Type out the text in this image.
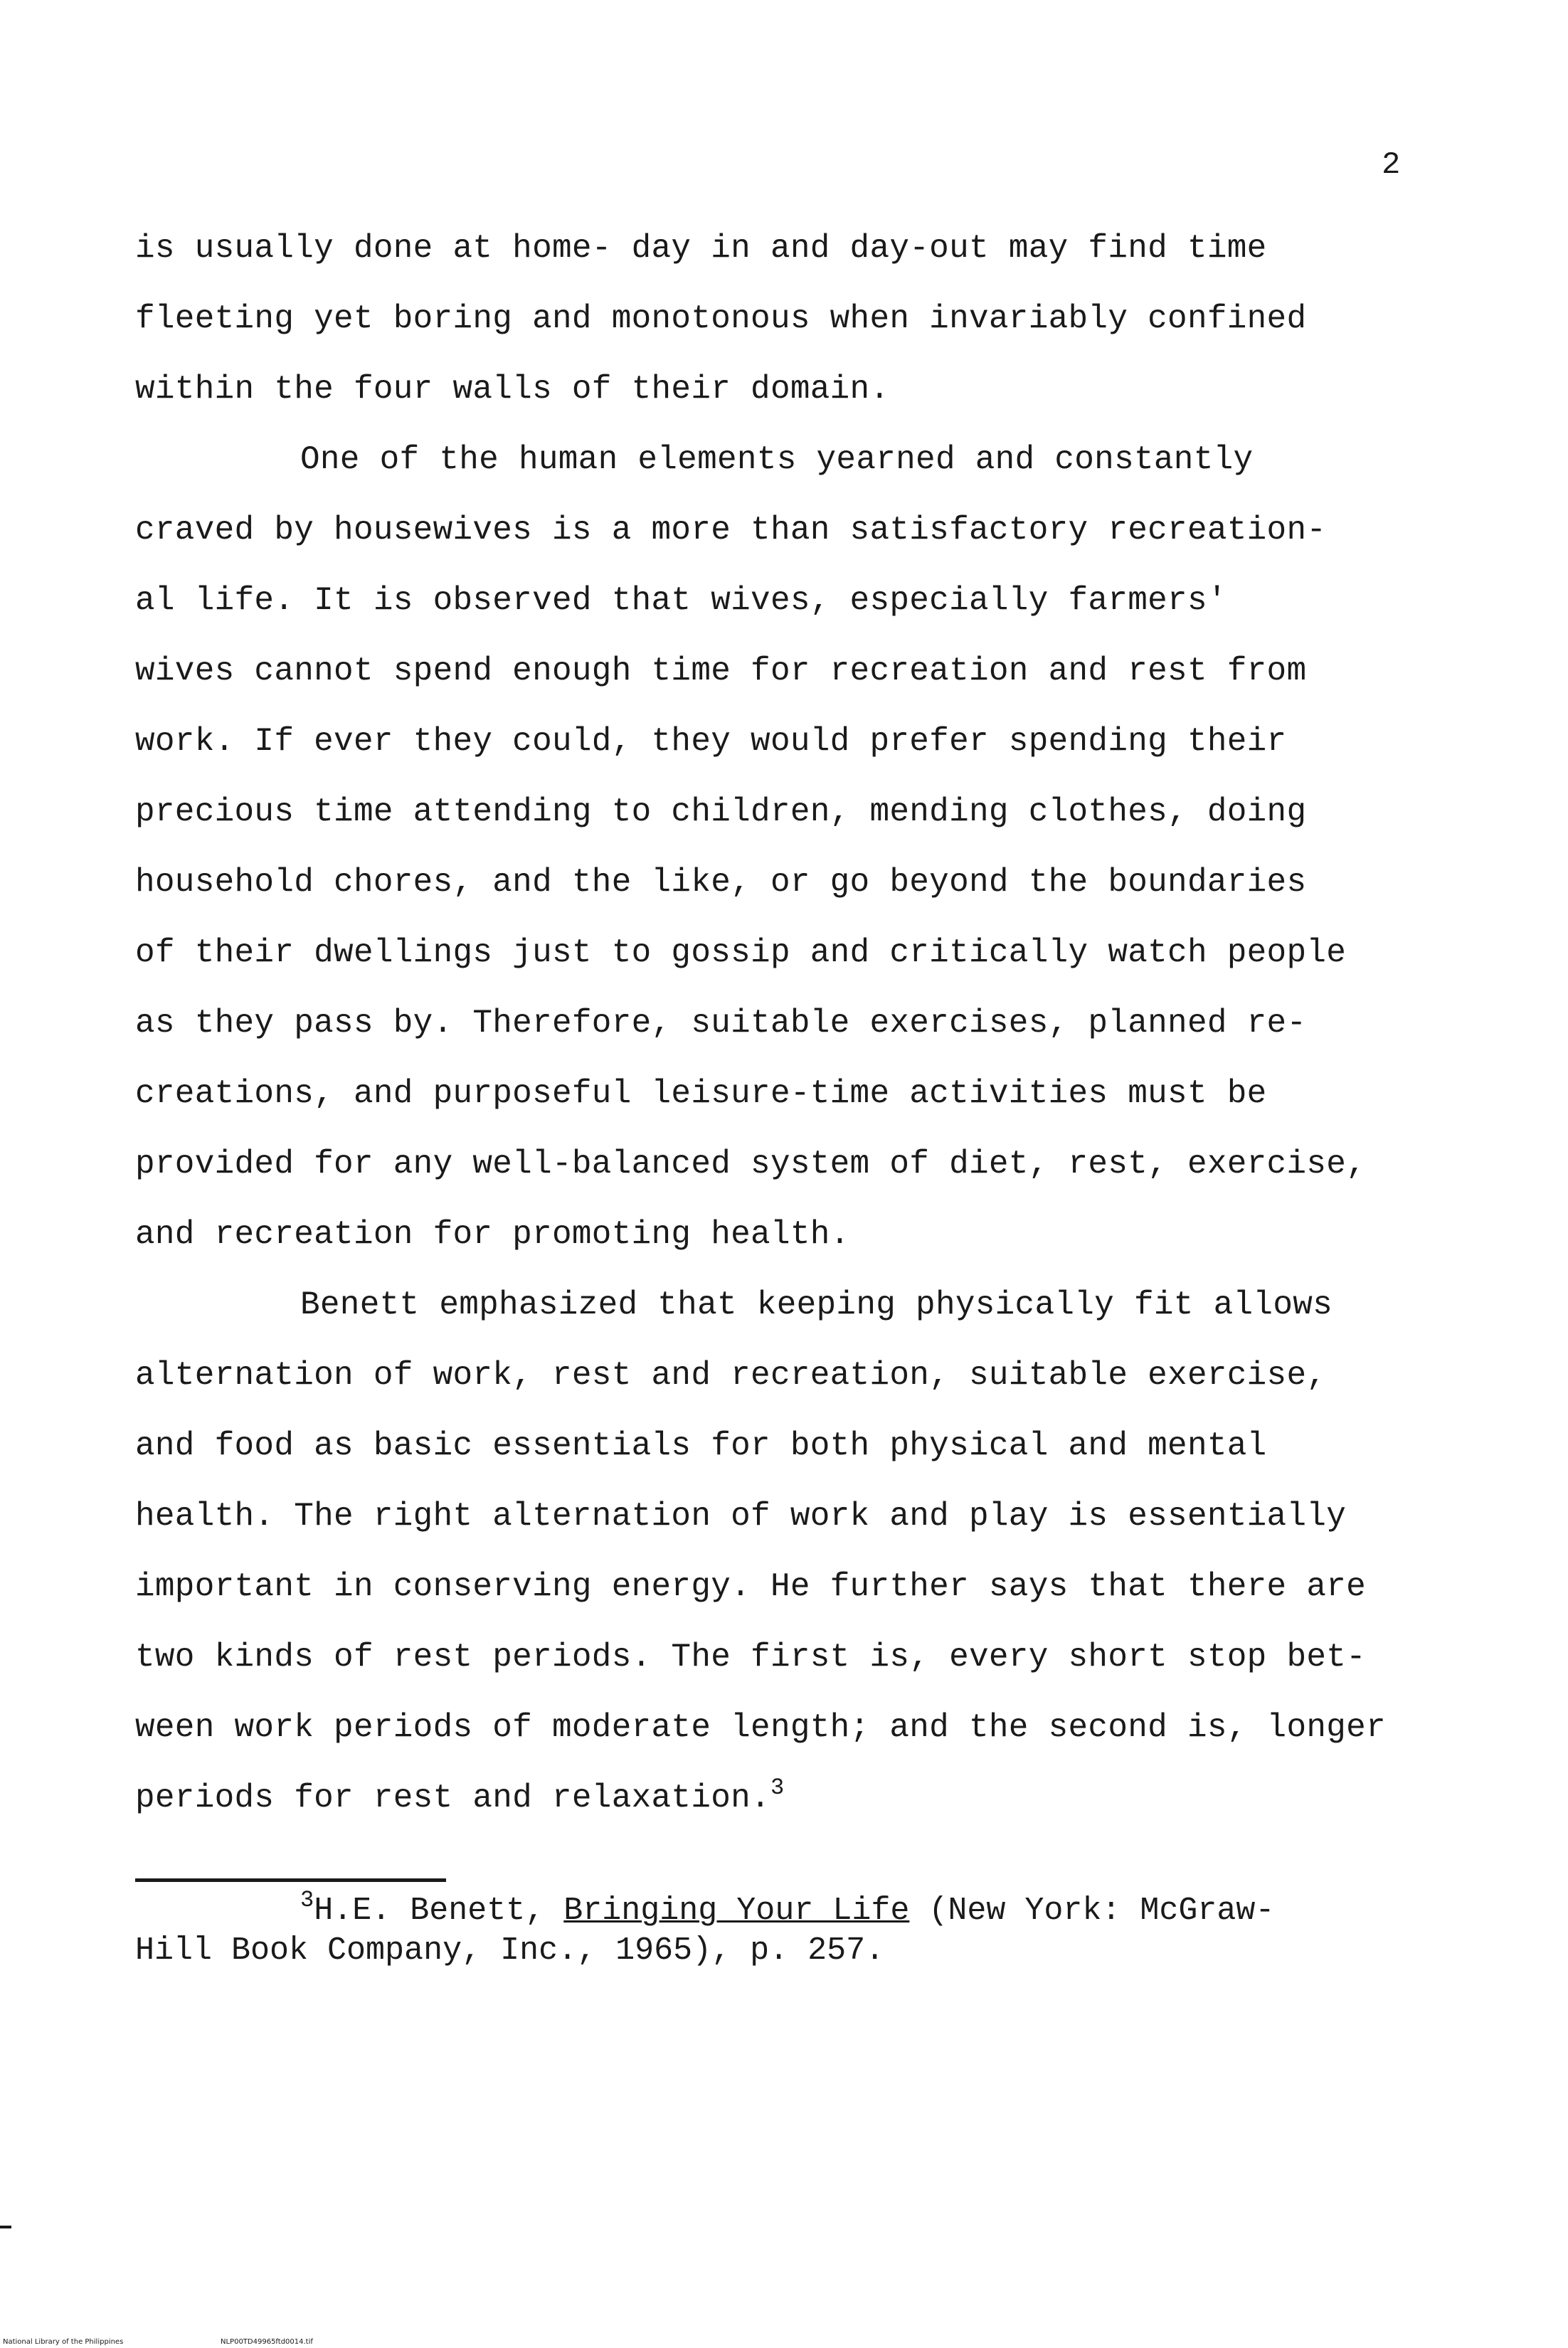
2
is usually done at home- day in and day-out may find time
fleeting yet boring and monotonous when invariably confined
within the four walls of their domain.
One of the human elements yearned and constantly
craved by housewives is a more than satisfactory recreation-
al life. It is observed that wives, especially farmers'
wives cannot spend enough time for recreation and rest from
work. If ever they could, they would prefer spending their
precious time attending to children, mending clothes, doing
household chores, and the like, or go beyond the boundaries
of their dwellings just to gossip and critically watch people
as they pass by. Therefore, suitable exercises, planned re-
creations, and purposeful leisure-time activities must be
provided for any well-balanced system of diet, rest, exercise,
and recreation for promoting health.
Benett emphasized that keeping physically fit allows
alternation of work, rest and recreation, suitable exercise,
and food as basic essentials for both physical and mental
health. The right alternation of work and play is essentially
important in conserving energy. He further says that there are
two kinds of rest periods. The first is, every short stop bet-
ween work periods of moderate length; and the second is, longer
periods for rest and relaxation.$^3$
$^3$H.E. Benett, Bringing Your Life (New York: McGraw-
Hill Book Company, Inc., 1965), p. 257.
National Library of the Philippines	NLP00TD49965ftd0014.tif
